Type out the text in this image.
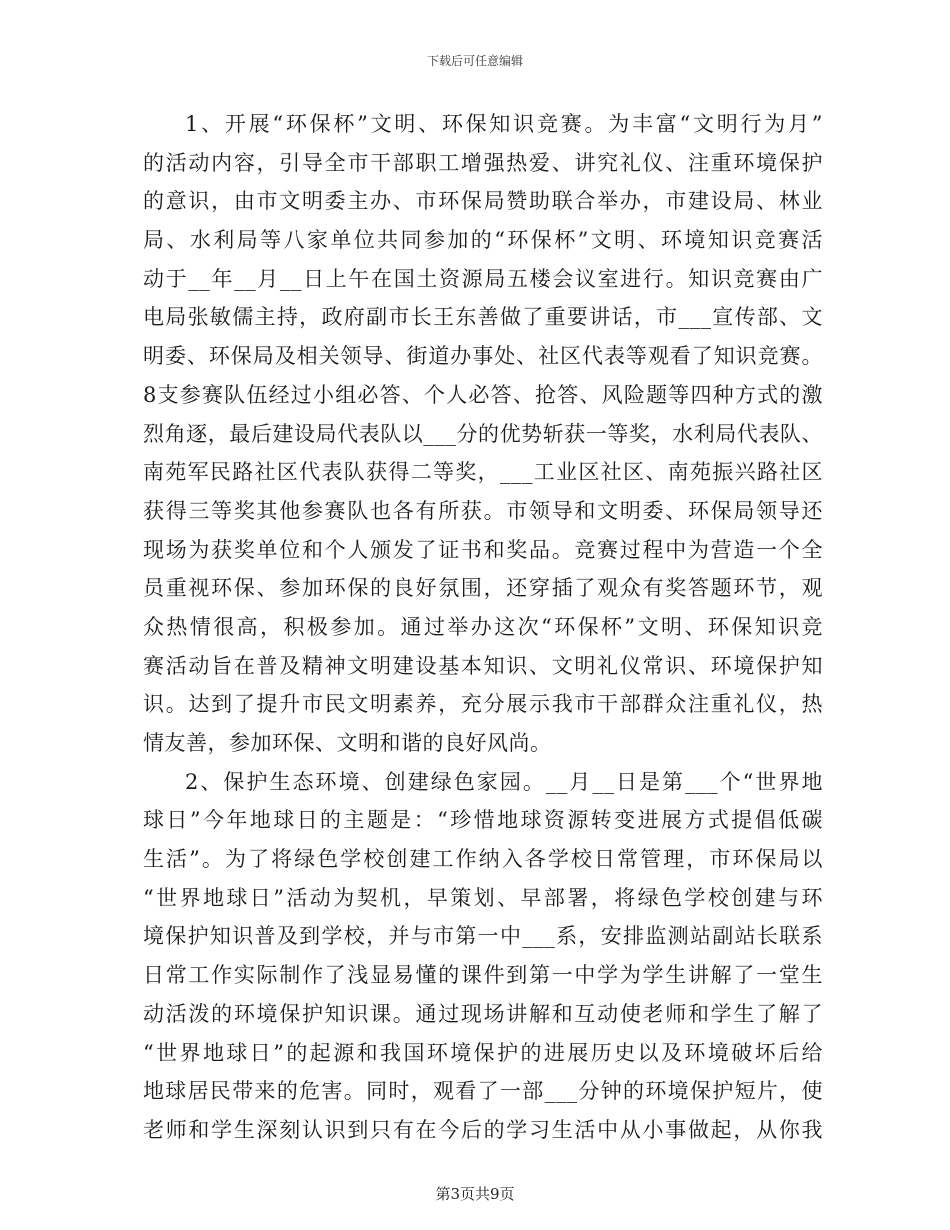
下载后可任意编辑
1、开展“环保杯”文明、环保知识竞赛。为丰富“文明行为月”
的活动内容，引导全市干部职工增强热爱、讲究礼仪、注重环境保护
的意识，由市文明委主办、市环保局赞助联合举办，市建设局、林业
局、水利局等八家单位共同参加的“环保杯”文明、环境知识竞赛活
动于__年__月__日上午在国土资源局五楼会议室进行。知识竞赛由广
电局张敏儒主持，政府副市长王东善做了重要讲话，市___宣传部、文
明委、环保局及相关领导、街道办事处、社区代表等观看了知识竞赛。
8支参赛队伍经过小组必答、个人必答、抢答、风险题等四种方式的激
烈角逐，最后建设局代表队以___分的优势斩获一等奖，水利局代表队、
南苑军民路社区代表队获得二等奖，___工业区社区、南苑振兴路社区
获得三等奖其他参赛队也各有所获。市领导和文明委、环保局领导还
现场为获奖单位和个人颁发了证书和奖品。竞赛过程中为营造一个全
员重视环保、参加环保的良好氛围，还穿插了观众有奖答题环节，观
众热情很高，积极参加。通过举办这次“环保杯”文明、环保知识竞
赛活动旨在普及精神文明建设基本知识、文明礼仪常识、环境保护知
识。达到了提升市民文明素养，充分展示我市干部群众注重礼仪，热
情友善，参加环保、文明和谐的良好风尚。
2、保护生态环境、创建绿色家园。__月__日是第___个“世界地
球日”今年地球日的主题是：“珍惜地球资源转变进展方式提倡低碳
生活”。为了将绿色学校创建工作纳入各学校日常管理，市环保局以
“世界地球日”活动为契机，早策划、早部署，将绿色学校创建与环
境保护知识普及到学校，并与市第一中___系，安排监测站副站长联系
日常工作实际制作了浅显易懂的课件到第一中学为学生讲解了一堂生
动活泼的环境保护知识课。通过现场讲解和互动使老师和学生了解了
“世界地球日”的起源和我国环境保护的进展历史以及环境破坏后给
地球居民带来的危害。同时，观看了一部___分钟的环境保护短片，使
老师和学生深刻认识到只有在今后的学习生活中从小事做起，从你我
第3页共9页
